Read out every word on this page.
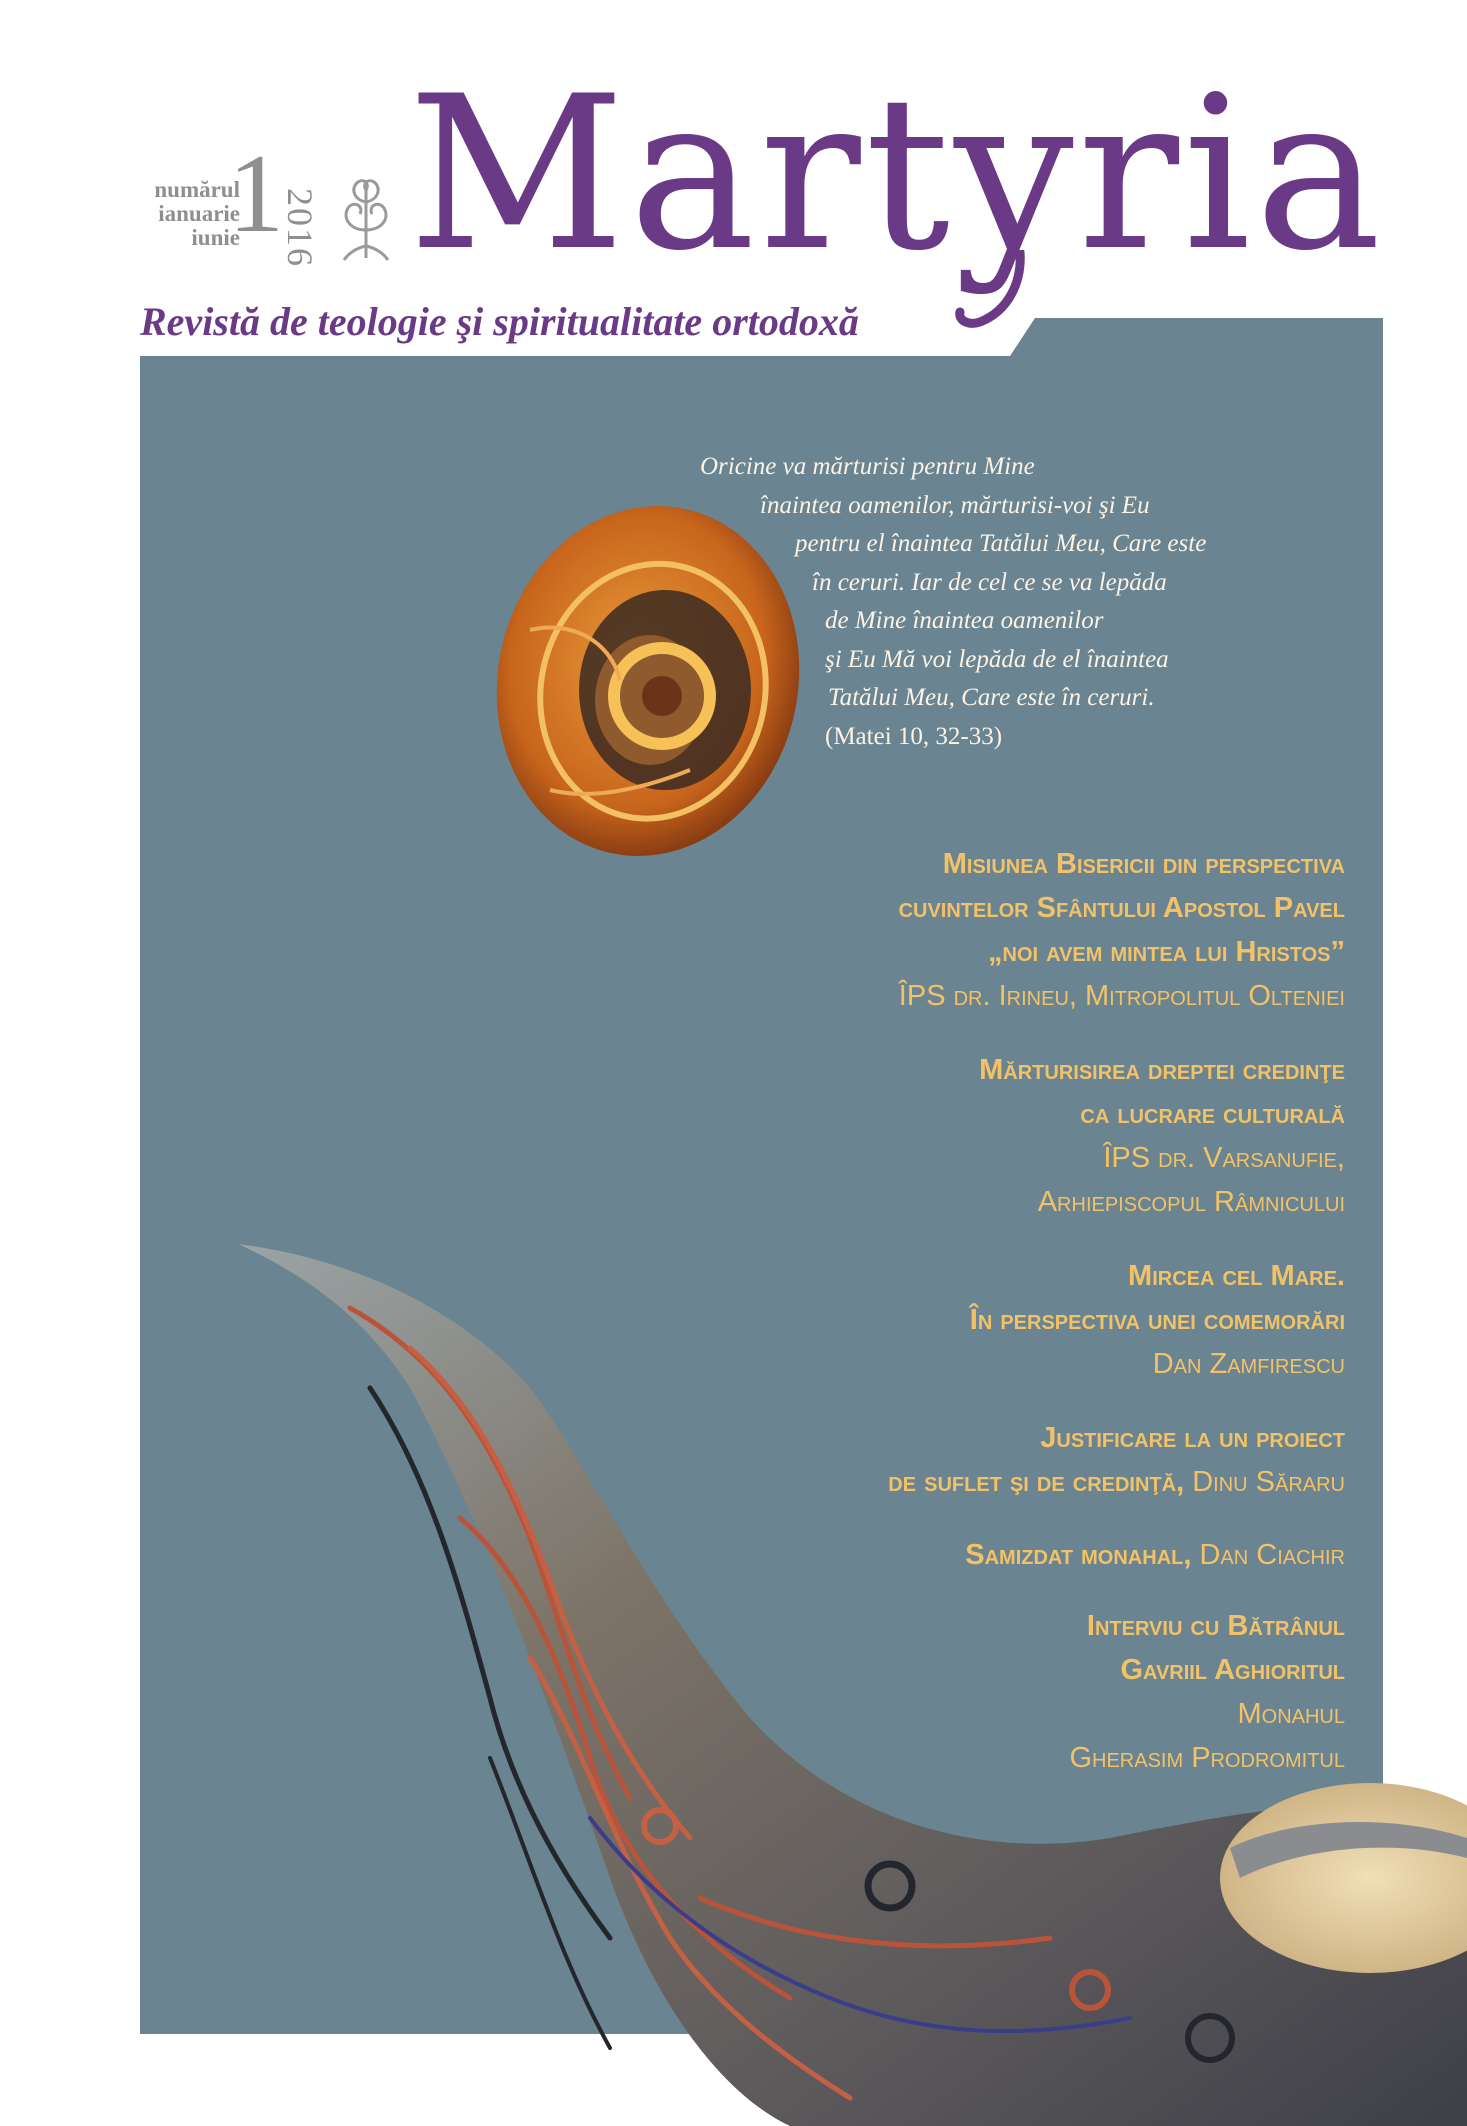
numărul
ianuarie
iunie
1
2016 Martyria
Revistă de teologie şi spiritualitate ortodoxă
Oricine va mărturisi pentru Mine
înaintea oamenilor, mărturisi-voi şi Eu
pentru el înaintea Tatălui Meu, Care este
în ceruri. Iar de cel ce se va lepăda
de Mine înaintea oamenilor
şi Eu Mă voi lepăda de el înaintea
Tatălui Meu, Care este în ceruri.
(Matei 10, 32-33)
Misiunea Bisericii din perspectiva
cuvintelor Sfântului Apostol Pavel
„noi avem mintea lui Hristos”
ÎPS dr. Irineu, Mitropolitul Olteniei
Mărturisirea dreptei credinţe
ca lucrare culturală
ÎPS dr. Varsanufie,
Arhiepiscopul Râmnicului
Mircea cel Mare.
În perspectiva unei comemorări
Dan Zamfirescu
Justificare la un proiect
de suflet şi de credinţă, Dinu Săraru
Samizdat monahal, Dan Ciachir
Interviu cu Bătrânul
Gavriil Aghioritul
Monahul
Gherasim Prodromitul
